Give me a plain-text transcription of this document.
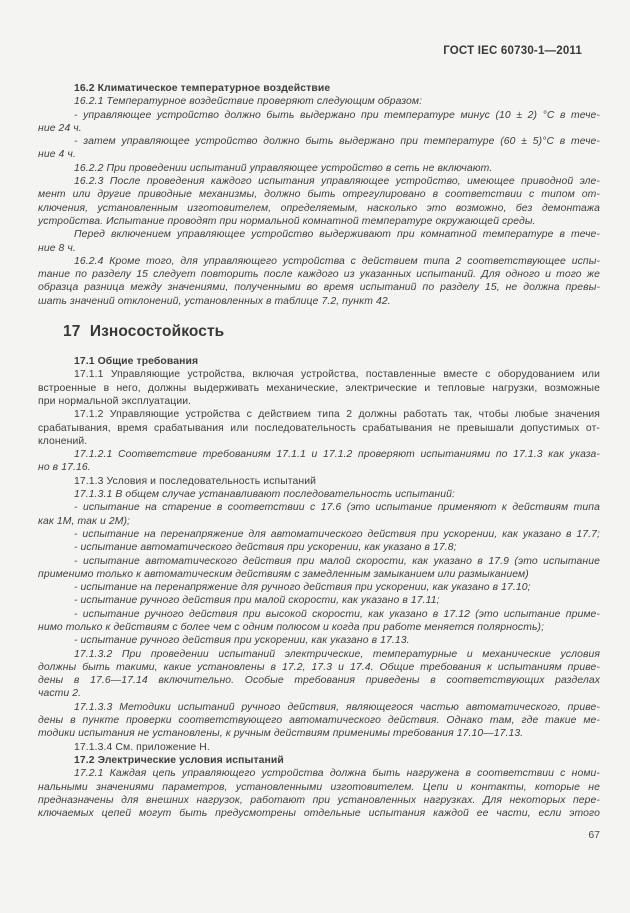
ГОСТ IEC 60730-1—2011
16.2 Климатическое температурное воздействие
16.2.1 Температурное воздействие проверяют следующим образом:
- управляющее устройство должно быть выдержано при температуре минус (10 ± 2) °С в тече-
ние 24 ч.
- затем управляющее устройство должно быть выдержано при температуре (60 ± 5)°С в тече-
ние 4 ч.
16.2.2 При проведении испытаний управляющее устройство в сеть не включают.
16.2.3 После проведения каждого испытания управляющее устройство, имеющее приводной эле-
мент или другие приводные механизмы, должно быть отрегулировано в соответствии с типом от-
ключения, установленным изготовителем, определяемым, насколько это возможно, без демонтажа
устройства. Испытание проводят при нормальной комнатной температуре окружающей среды.
Перед включением управляющее устройство выдерживают при комнатной температуре в тече-
ние 8 ч.
16.2.4 Кроме того, для управляющего устройства с действием типа 2 соответствующее испы-
тание по разделу 15 следует повторить после каждого из указанных испытаний. Для одного и того же
образца разница между значениями, полученными во время испытаний по разделу 15, не должна превы-
шать значений отклонений, установленных в таблице 7.2, пункт 42.
17 Износостойкость
17.1 Общие требования
17.1.1 Управляющие устройства, включая устройства, поставленные вместе с оборудованием или
встроенные в него, должны выдерживать механические, электрические и тепловые нагрузки, возможные
при нормальной эксплуатации.
17.1.2 Управляющие устройства с действием типа 2 должны работать так, чтобы любые значения
срабатывания, время срабатывания или последовательность срабатывания не превышали допустимых от-
клонений.
17.1.2.1 Соответствие требованиям 17.1.1 и 17.1.2 проверяют испытаниями по 17.1.3 как указа-
но в 17.16.
17.1.3 Условия и последовательность испытаний
17.1.3.1 В общем случае устанавливают последовательность испытаний:
- испытание на старение в соответствии с 17.6 (это испытание применяют к действиям типа
как 1М, так и 2М);
- испытание на перенапряжение для автоматического действия при ускорении, как указано в 17.7;
- испытание автоматического действия при ускорении, как указано в 17.8;
- испытание автоматического действия при малой скорости, как указано в 17.9 (это испытание
применимо только к автоматическим действиям с замедленным замыканием или размыканием)
- испытание на перенапряжение для ручного действия при ускорении, как указано в 17.10;
- испытание ручного действия при малой скорости, как указано в 17.11;
- испытание ручного действия при высокой скорости, как указано в 17.12 (это испытание приме-
нимо только к действиям с более чем с одним полюсом и когда при работе меняется полярность);
- испытание ручного действия при ускорении, как указано в 17.13.
17.1.3.2 При проведении испытаний электрические, температурные и механические условия
должны быть такими, какие установлены в 17.2, 17.3 и 17.4. Общие требования к испытаниям приве-
дены в 17.6—17.14 включительно. Особые требования приведены в соответствующих разделах
части 2.
17.1.3.3 Методики испытаний ручного действия, являющегося частью автоматического, приве-
дены в пункте проверки соответствующего автоматического действия. Однако там, где такие ме-
тодики испытания не установлены, к ручным действиям применимы требования 17.10—17.13.
17.1.3.4 См. приложение Н.
17.2 Электрические условия испытаний
17.2.1 Каждая цепь управляющего устройства должна быть нагружена в соответствии с номи-
нальными значениями параметров, установленными изготовителем. Цепи и контакты, которые не
предназначены для внешних нагрузок, работают при установленных нагрузках. Для некоторых пере-
ключаемых цепей могут быть предусмотрены отдельные испытания каждой ее части, если этого
67
